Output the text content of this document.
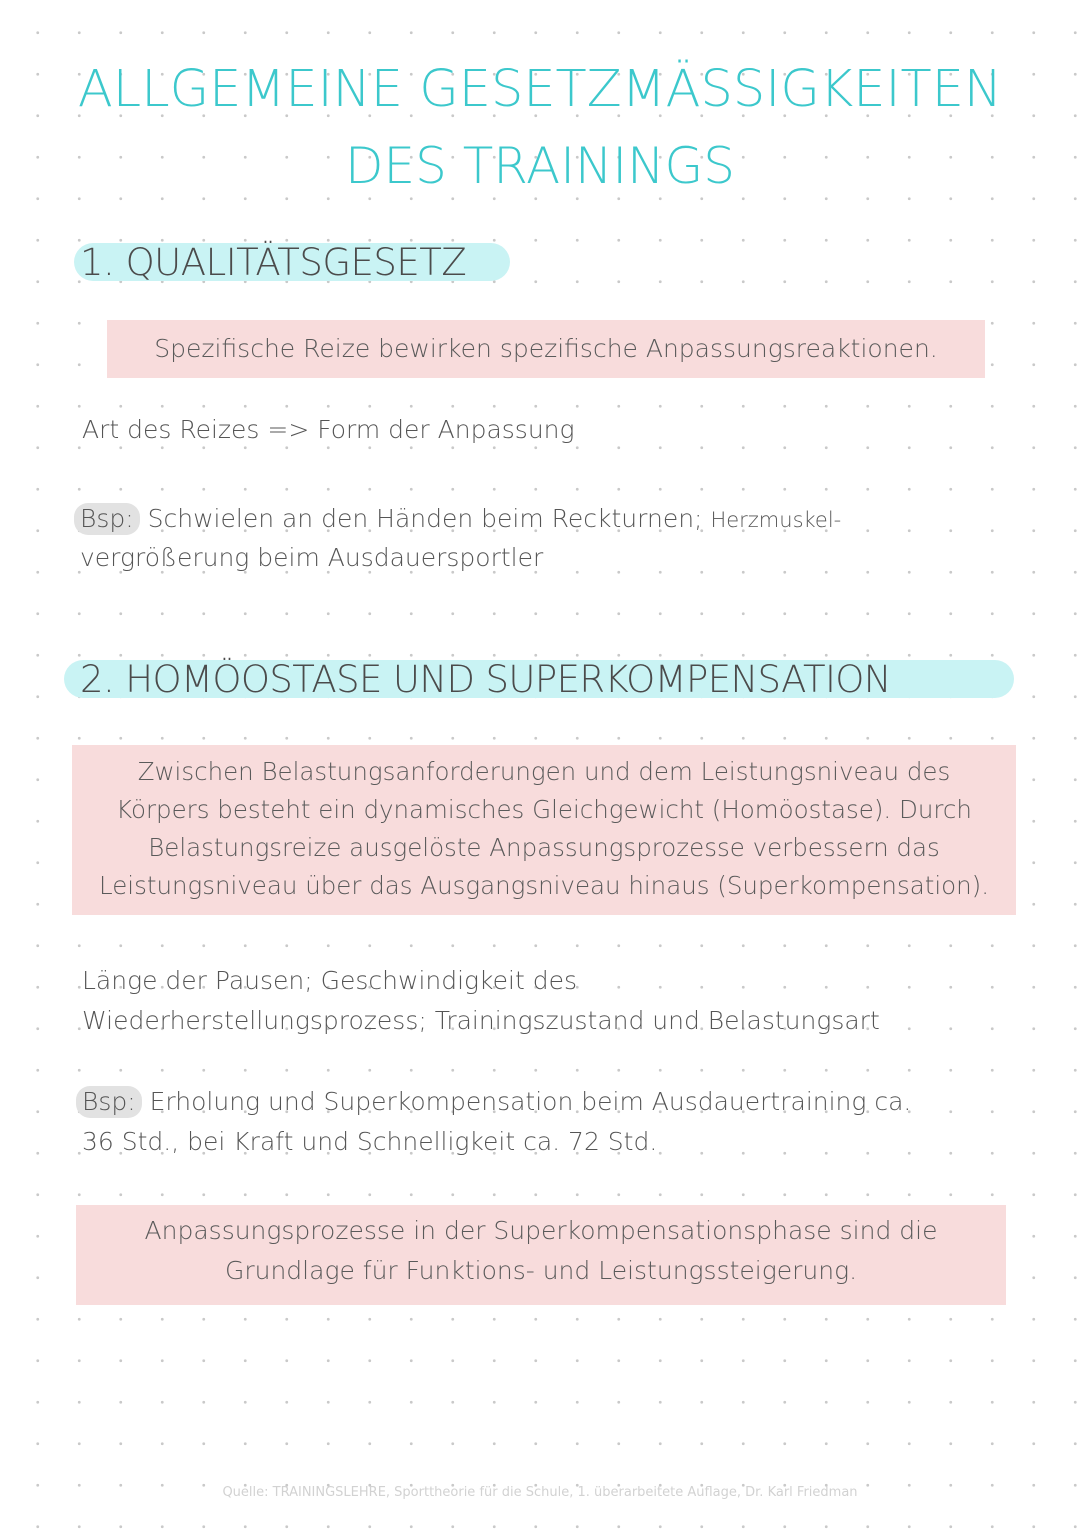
ALLGEMEINE GESETZMÄSSIGKEITEN
DES TRAININGS
1. QUALITÄTSGESETZ
Spezifische Reize bewirken spezifische Anpassungsreaktionen.
Art des Reizes => Form der Anpassung
Bsp: Schwielen an den Händen beim Reckturnen; Herzmuskel-
vergrößerung beim Ausdauersportler
2. HOMÖOSTASE UND SUPERKOMPENSATION
Zwischen Belastungsanforderungen und dem Leistungsniveau des
Körpers besteht ein dynamisches Gleichgewicht (Homöostase). Durch
Belastungsreize ausgelöste Anpassungsprozesse verbessern das
Leistungsniveau über das Ausgangsniveau hinaus (Superkompensation).
Länge der Pausen; Geschwindigkeit des
Wiederherstellungsprozess; Trainingszustand und Belastungsart
Bsp: Erholung und Superkompensation beim Ausdauertraining ca.
36 Std., bei Kraft und Schnelligkeit ca. 72 Std.
Anpassungsprozesse in der Superkompensationsphase sind die
Grundlage für Funktions- und Leistungssteigerung.
Quelle: TRAININGSLEHRE, Sporttheorie für die Schule, 1. überarbeitete Auflage, Dr. Karl Friedman
